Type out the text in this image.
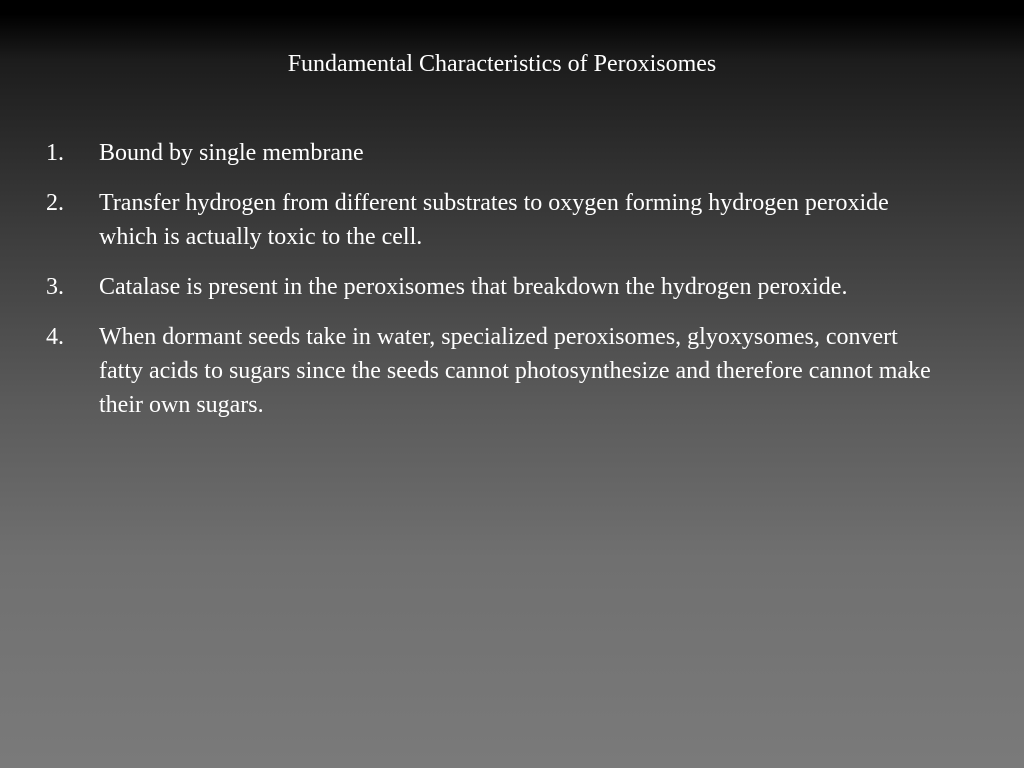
Fundamental Characteristics of Peroxisomes
1. Bound by single membrane
2. Transfer hydrogen from different substrates to oxygen forming hydrogen peroxide which is actually toxic to the cell.
3. Catalase is present in the peroxisomes that breakdown the hydrogen peroxide.
4. When dormant seeds take in water, specialized peroxisomes, glyoxysomes, convert fatty acids to sugars since the seeds cannot photosynthesize and therefore cannot make their own sugars.
